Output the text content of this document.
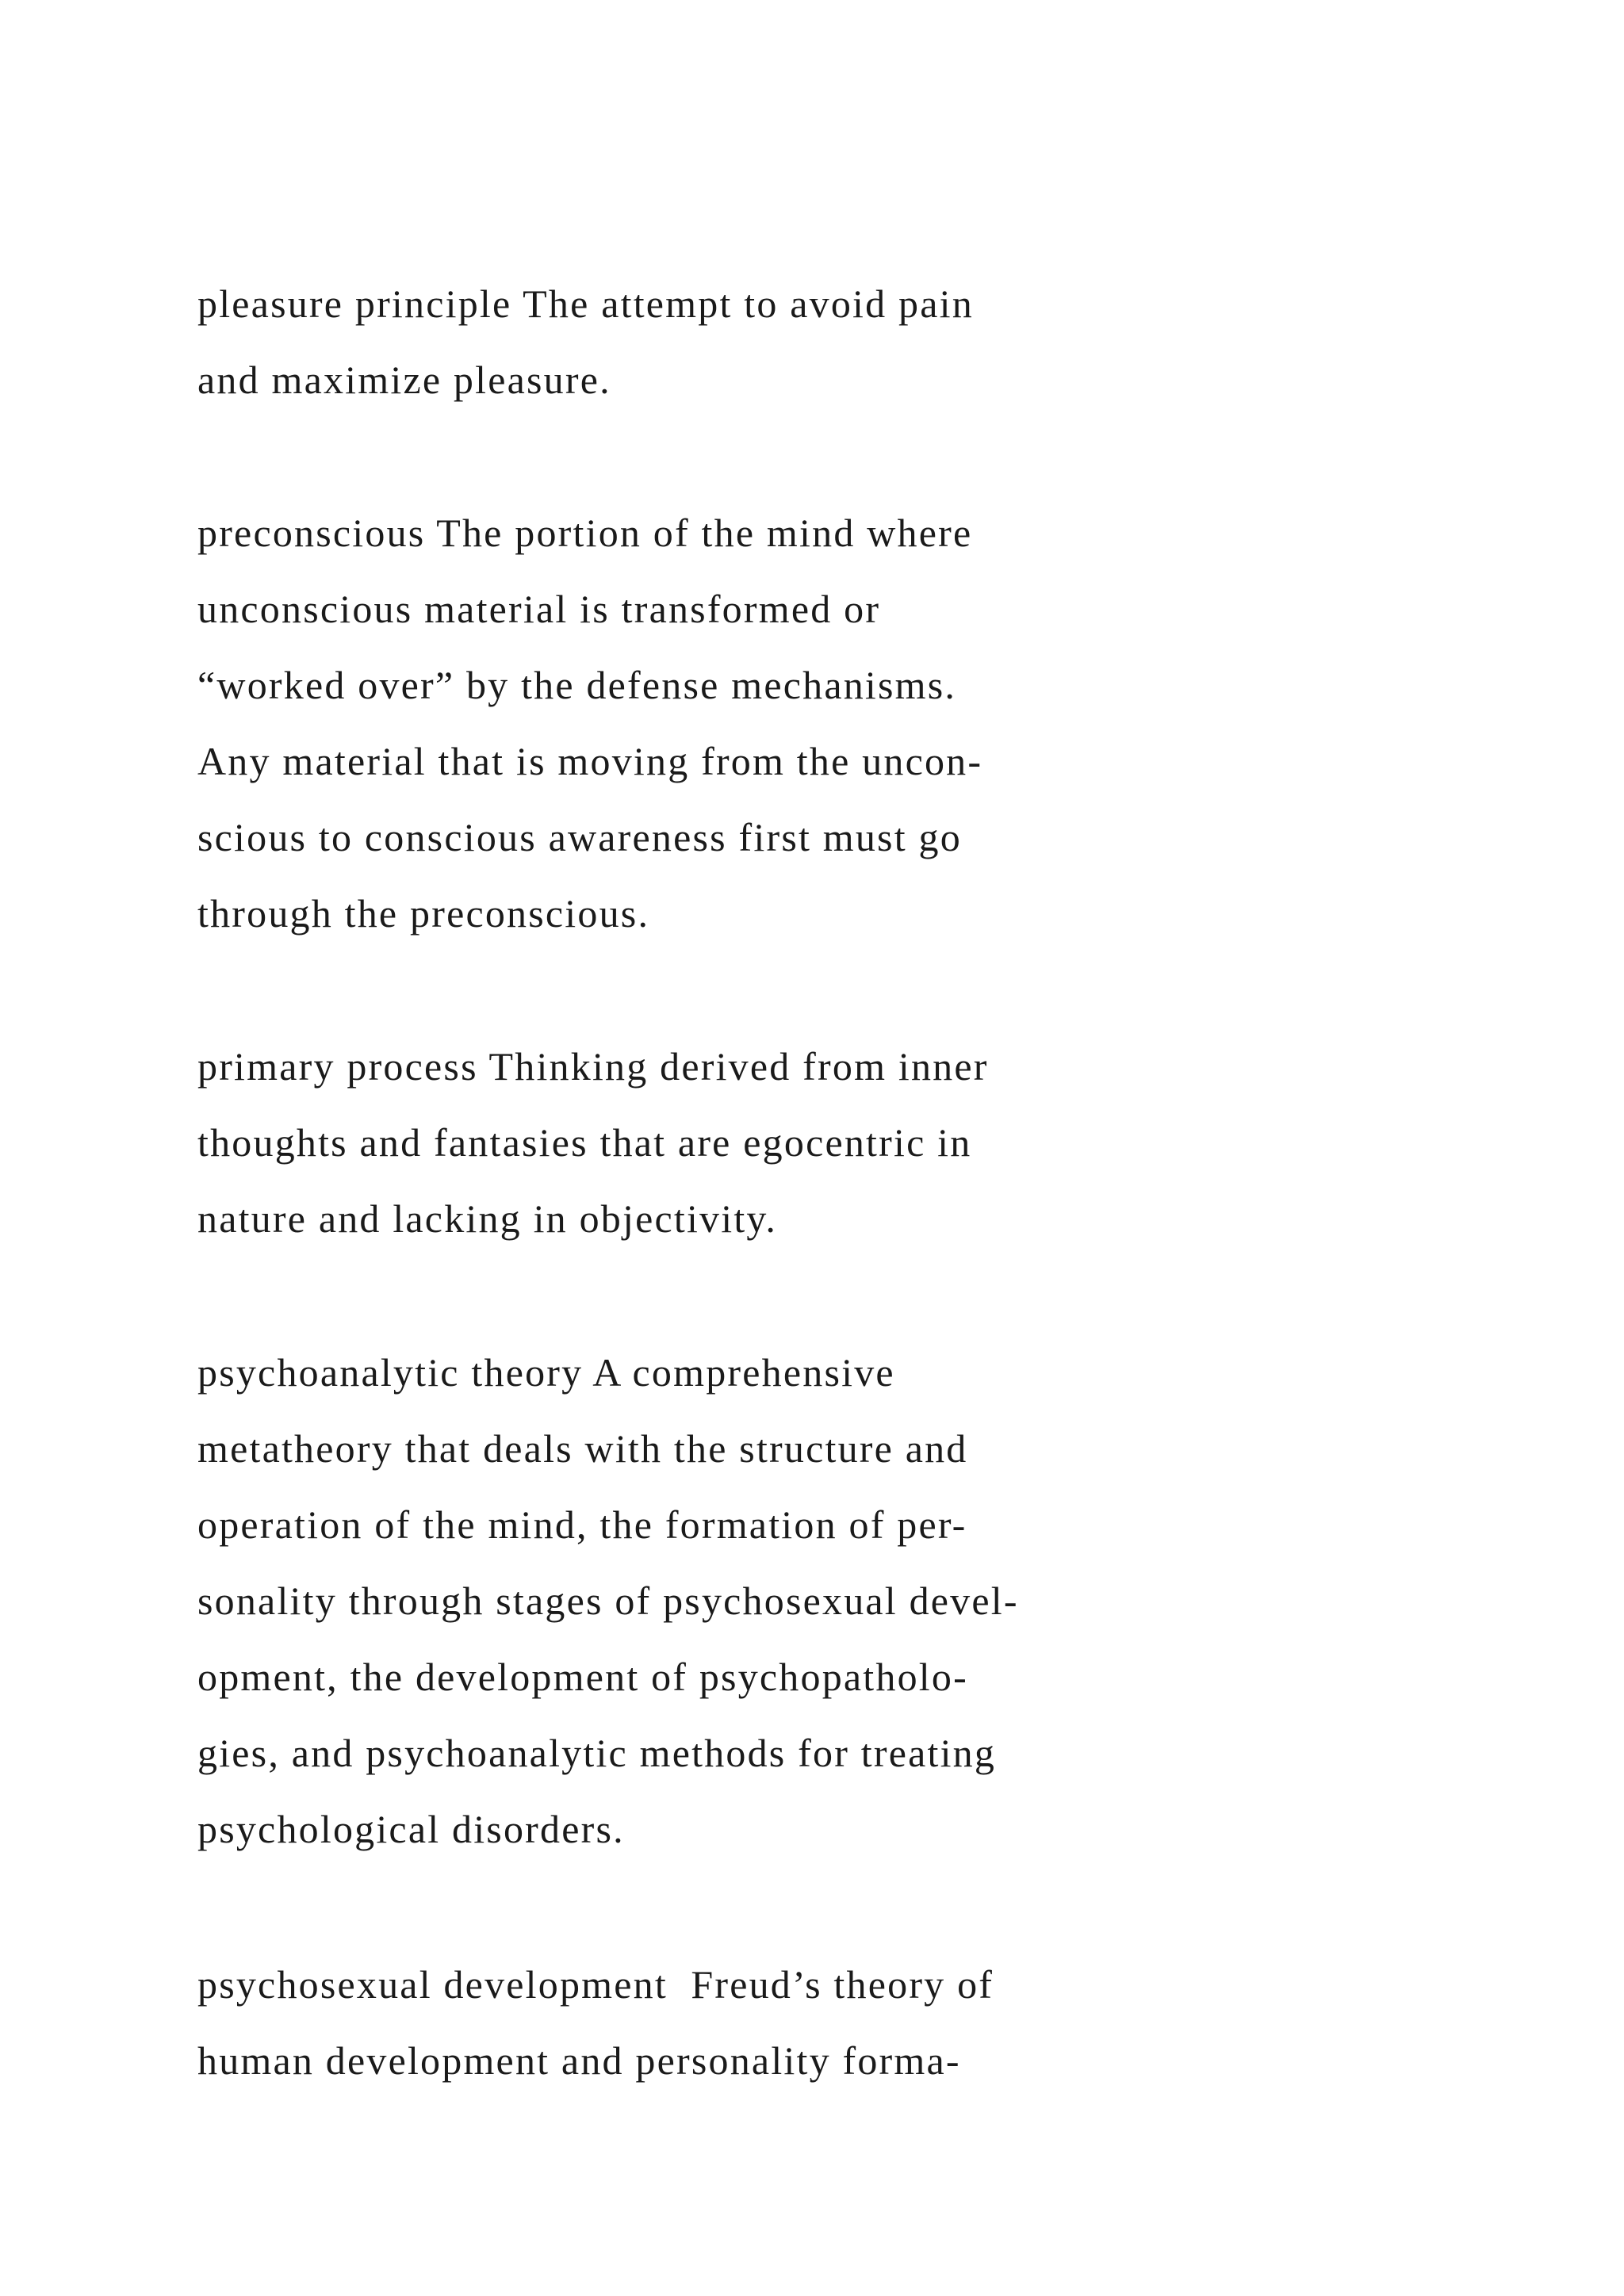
pleasure principle The attempt to avoid pain
and maximize pleasure.
preconscious The portion of the mind where
unconscious material is transformed or
“worked over” by the defense mechanisms.
Any material that is moving from the uncon-
scious to conscious awareness first must go
through the preconscious.
primary process Thinking derived from inner
thoughts and fantasies that are egocentric in
nature and lacking in objectivity.
psychoanalytic theory A comprehensive
metatheory that deals with the structure and
operation of the mind, the formation of per-
sonality through stages of psychosexual devel-
opment, the development of psychopatholo-
gies, and psychoanalytic methods for treating
psychological disorders.
psychosexual development  Freud’s theory of
human development and personality forma-
